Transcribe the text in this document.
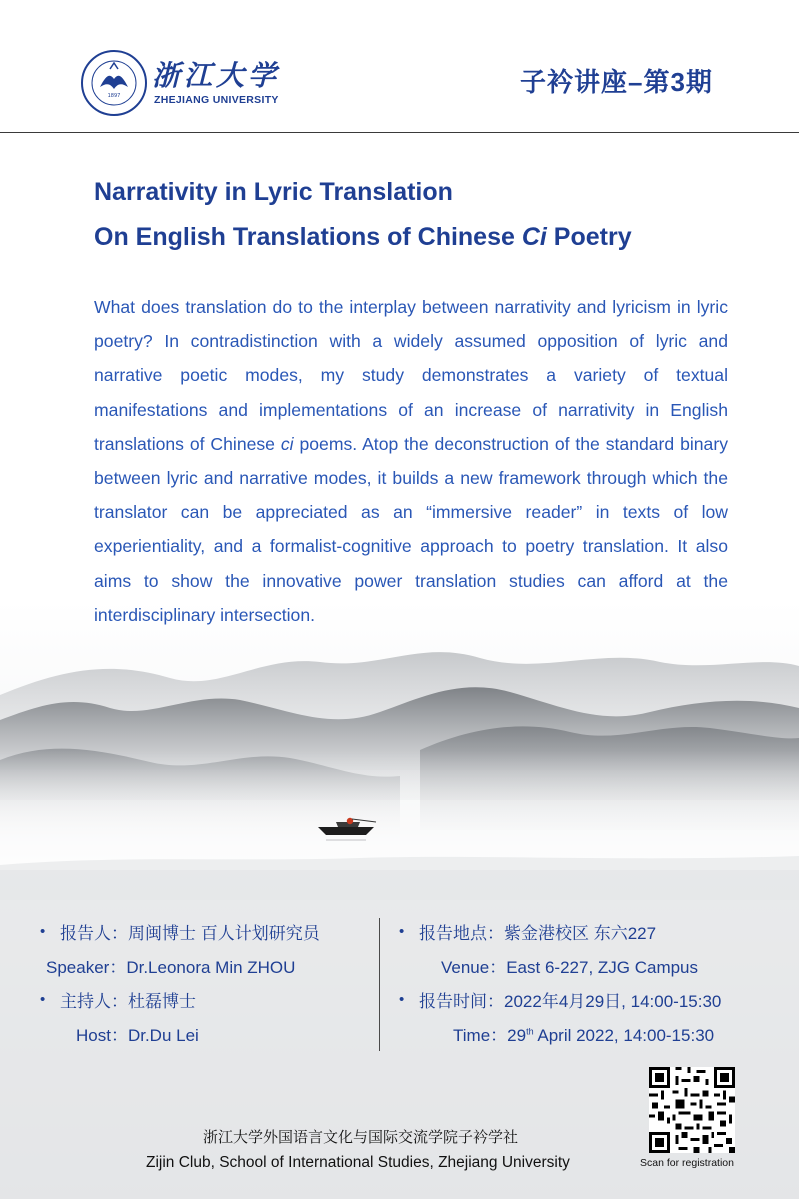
1897
浙江大学
ZHEJIANG UNIVERSITY
子衿讲座–第3期
Narrativity in Lyric Translation
On English Translations of Chinese Ci Poetry

What does translation do to the interplay between narrativity and lyricism in lyric poetry? In contradistinction with a widely assumed opposition of lyric and narrative poetic modes, my study demonstrates a variety of textual manifestations and implementations of an increase of narrativity in English translations of Chinese ci poems. Atop the deconstruction of the standard binary between lyric and narrative modes, it builds a new framework through which the translator can be appreciated as an “immersive reader” in texts of low experientiality, and a formalist-cognitive approach to poetry translation. It also aims to show the innovative power translation studies can afford at the interdisciplinary intersection.

• 报告人：周闽博士 百人计划研究员
Speaker：Dr.Leonora Min ZHOU
• 主持人：杜磊博士
Host：Dr.Du Lei
• 报告地点：紫金港校区 东六227
Venue：East 6-227, ZJG Campus
• 报告时间：2022年4月29日, 14:00-15:30
Time：29th April 2022, 14:00-15:30
浙江大学外国语言文化与国际交流学院子衿学社
Zijin Club, School of International Studies, Zhejiang University	Scan for registration
